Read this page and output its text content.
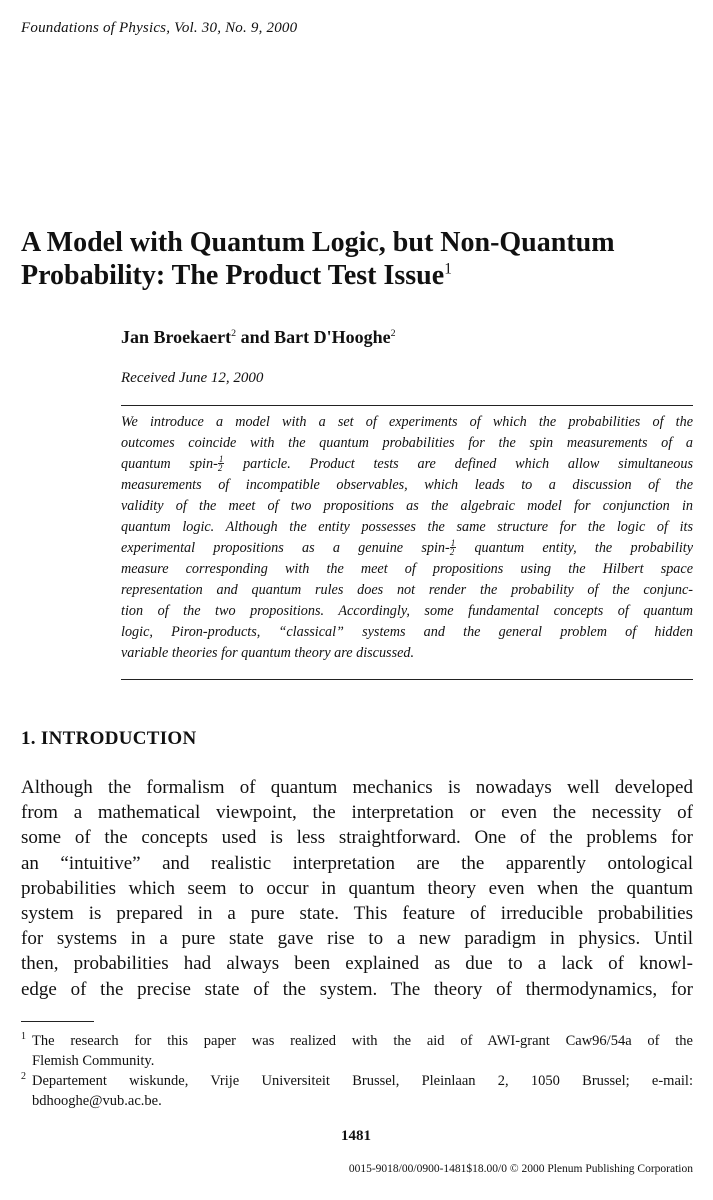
Foundations of Physics, Vol. 30, No. 9, 2000
A Model with Quantum Logic, but Non-Quantum
Probability: The Product Test Issue$^1$
Jan Broekaert$^2$ and Bart D'Hooghe$^2$
Received June 12, 2000
We introduce a model with a set of experiments of which the probabilities of the
outcomes coincide with the quantum probabilities for the spin measurements of a
quantum spin- $\frac{1}{2}$ particle. Product tests are defined which allow simultaneous
measurements of incompatible observables, which leads to a discussion of the
validity of the meet of two propositions as the algebraic model for conjunction in
quantum logic. Although the entity possesses the same structure for the logic of its
experimental propositions as a genuine spin- $\frac{1}{2}$ quantum entity, the probability
measure corresponding with the meet of propositions using the Hilbert space
representation and quantum rules does not render the probability of the conjunc-
tion of the two propositions. Accordingly, some fundamental concepts of quantum
logic, Piron-products, “classical” systems and the general problem of hidden
variable theories for quantum theory are discussed.
1. INTRODUCTION
Although the formalism of quantum mechanics is nowadays well developed
from a mathematical viewpoint, the interpretation or even the necessity of
some of the concepts used is less straightforward. One of the problems for
an “intuitive” and realistic interpretation are the apparently ontological
probabilities which seem to occur in quantum theory even when the quantum
system is prepared in a pure state. This feature of irreducible probabilities
for systems in a pure state gave rise to a new paradigm in physics. Until
then, probabilities had always been explained as due to a lack of knowl-
edge of the precise state of the system. The theory of thermodynamics, for
1 The research for this paper was realized with the aid of AWI-grant Caw96/54a of the
Flemish Community.
2 Departement wiskunde, Vrije Universiteit Brussel, Pleinlaan 2, 1050 Brussel; e-mail:
bdhooghe@vub.ac.be.
1481
0015-9018/00/0900-1481$18.00/0 © 2000 Plenum Publishing Corporation
